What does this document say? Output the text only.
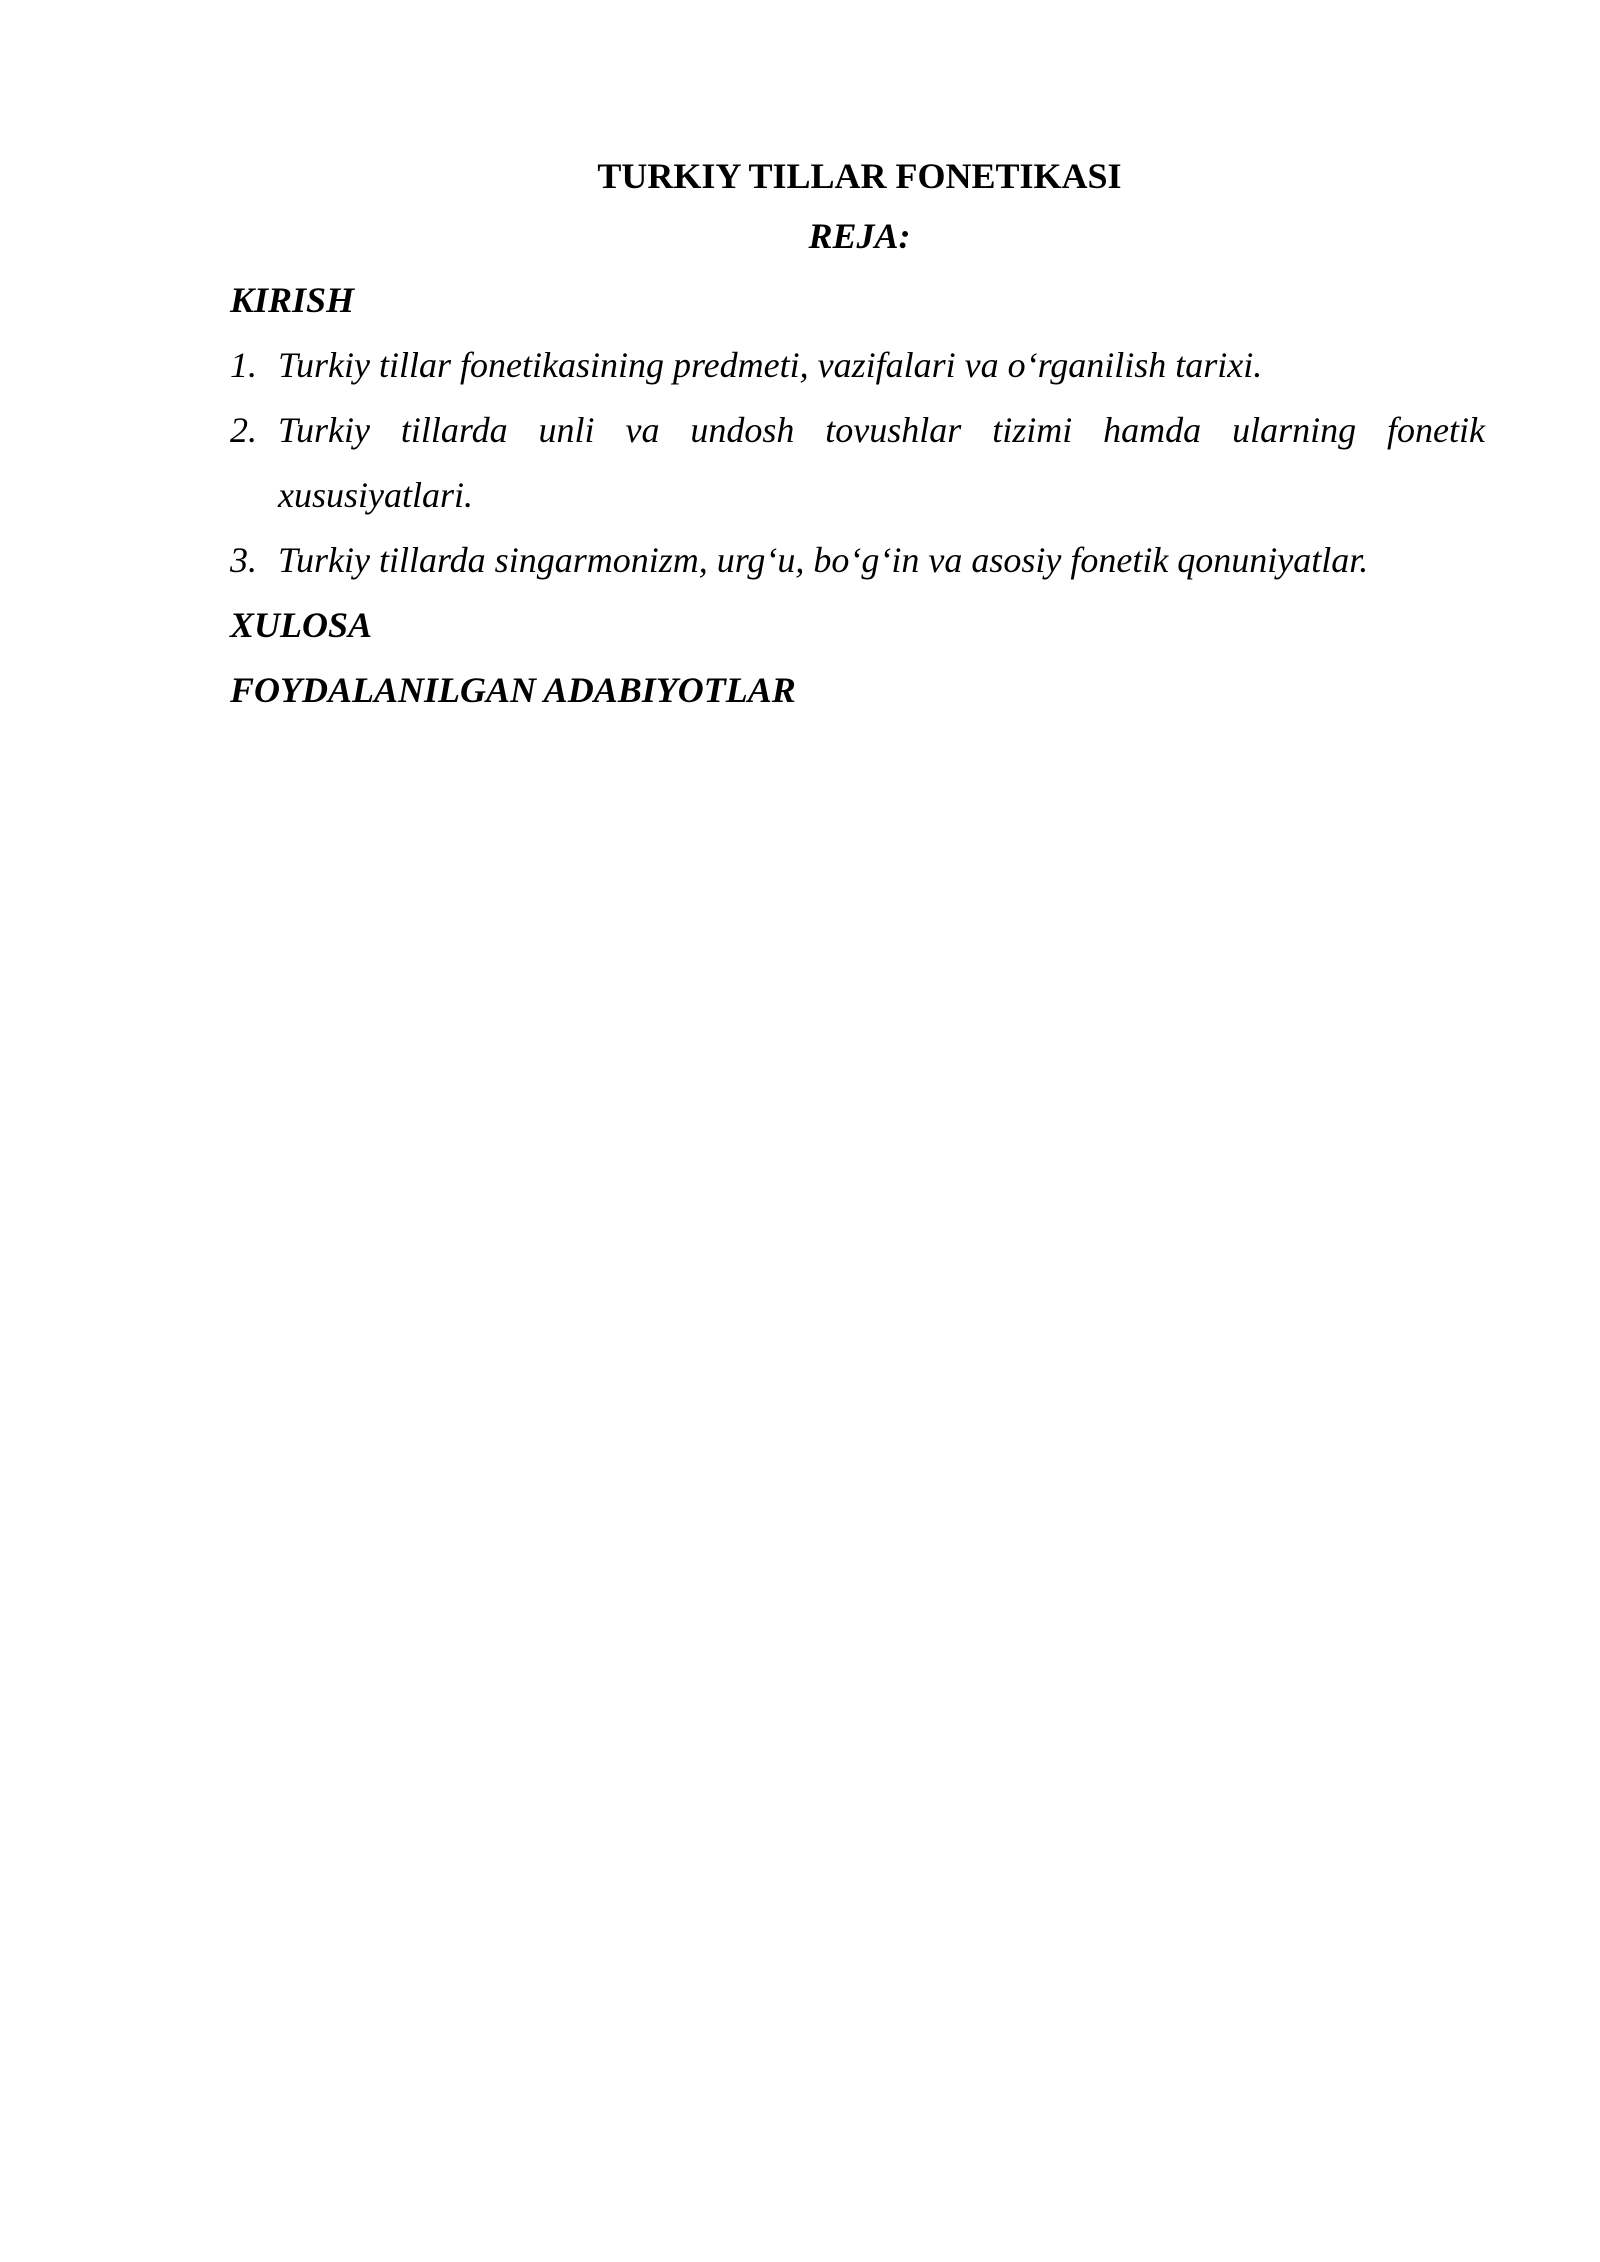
TURKIY TILLAR FONETIKASI
REJA:
KIRISH
1. Turkiy tillar fonetikasining predmeti, vazifalari va o‘rganilish tarixi.
2. Turkiy tillarda unli va undosh tovushlar tizimi hamda ularning fonetik xususiyatlari.
3. Turkiy tillarda singarmonizm, urg‘u, bo‘g‘in va asosiy fonetik qonuniyatlar.
XULOSA
FOYDALANILGAN ADABIYOTLAR
